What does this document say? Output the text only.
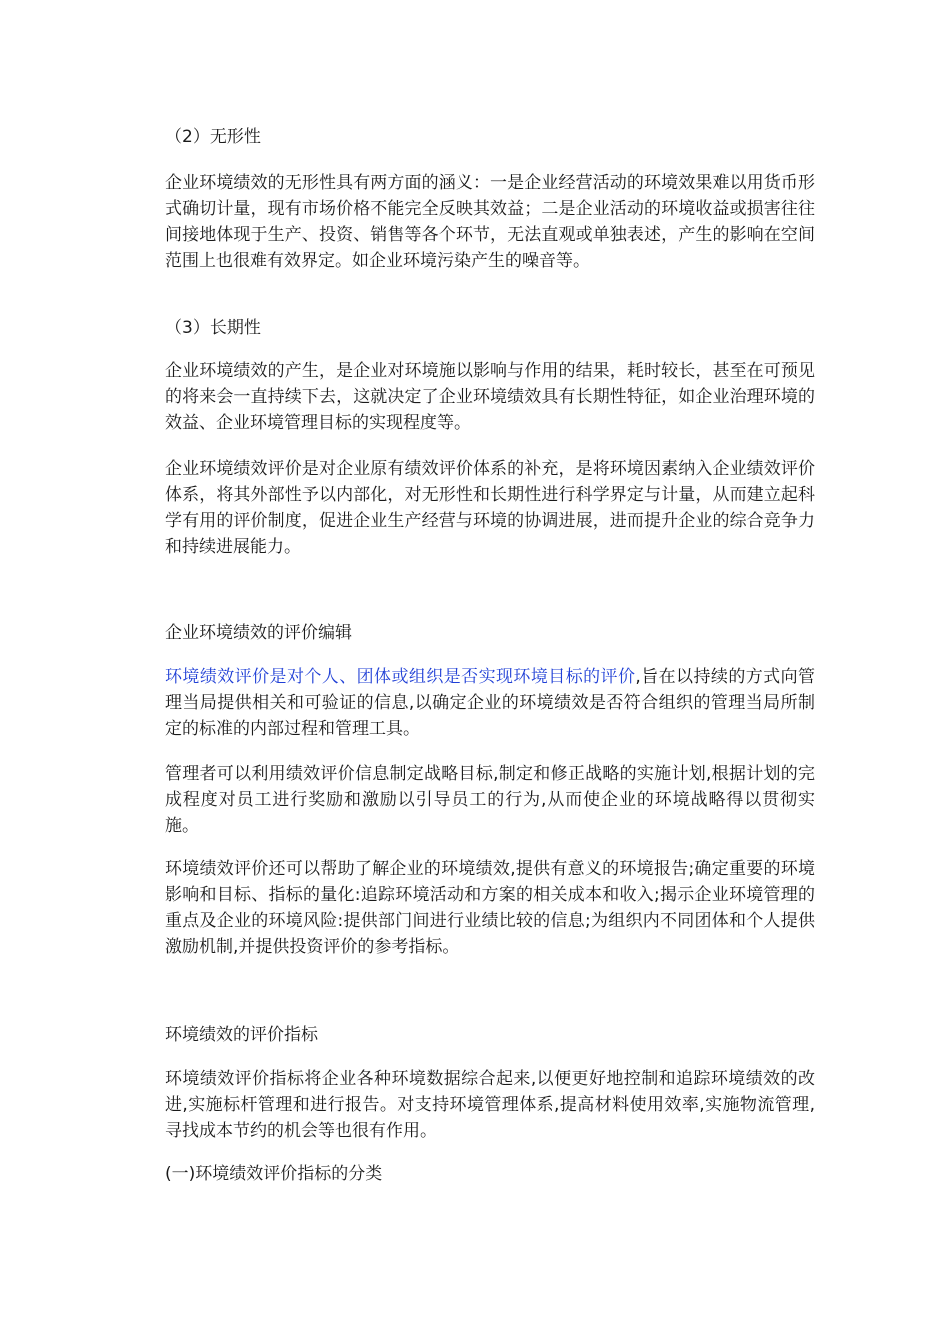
（2）无形性

企业环境绩效的无形性具有两方面的涵义：一是企业经营活动的环境效果难以用货币形式确切计量，现有市场价格不能完全反映其效益；二是企业活动的环境收益或损害往往间接地体现于生产、投资、销售等各个环节，无法直观或单独表述，产生的影响在空间范围上也很难有效界定。如企业环境污染产生的噪音等。

（3）长期性

企业环境绩效的产生，是企业对环境施以影响与作用的结果，耗时较长，甚至在可预见的将来会一直持续下去，这就决定了企业环境绩效具有长期性特征，如企业治理环境的效益、企业环境管理目标的实现程度等。

企业环境绩效评价是对企业原有绩效评价体系的补充，是将环境因素纳入企业绩效评价体系，将其外部性予以内部化，对无形性和长期性进行科学界定与计量，从而建立起科学有用的评价制度，促进企业生产经营与环境的协调进展，进而提升企业的综合竞争力和持续进展能力。

企业环境绩效的评价编辑

环境绩效评价是对个人、团体或组织是否实现环境目标的评价,旨在以持续的方式向管理当局提供相关和可验证的信息,以确定企业的环境绩效是否符合组织的管理当局所制定的标准的内部过程和管理工具。

管理者可以利用绩效评价信息制定战略目标,制定和修正战略的实施计划,根据计划的完成程度对员工进行奖励和激励以引导员工的行为,从而使企业的环境战略得以贯彻实施。

环境绩效评价还可以帮助了解企业的环境绩效,提供有意义的环境报告;确定重要的环境影响和目标、指标的量化:追踪环境活动和方案的相关成本和收入;揭示企业环境管理的重点及企业的环境风险:提供部门间进行业绩比较的信息;为组织内不同团体和个人提供激励机制,并提供投资评价的参考指标。

环境绩效的评价指标

环境绩效评价指标将企业各种环境数据综合起来,以便更好地控制和追踪环境绩效的改进,实施标杆管理和进行报告。对支持环境管理体系,提高材料使用效率,实施物流管理,寻找成本节约的机会等也很有作用。

(一)环境绩效评价指标的分类
